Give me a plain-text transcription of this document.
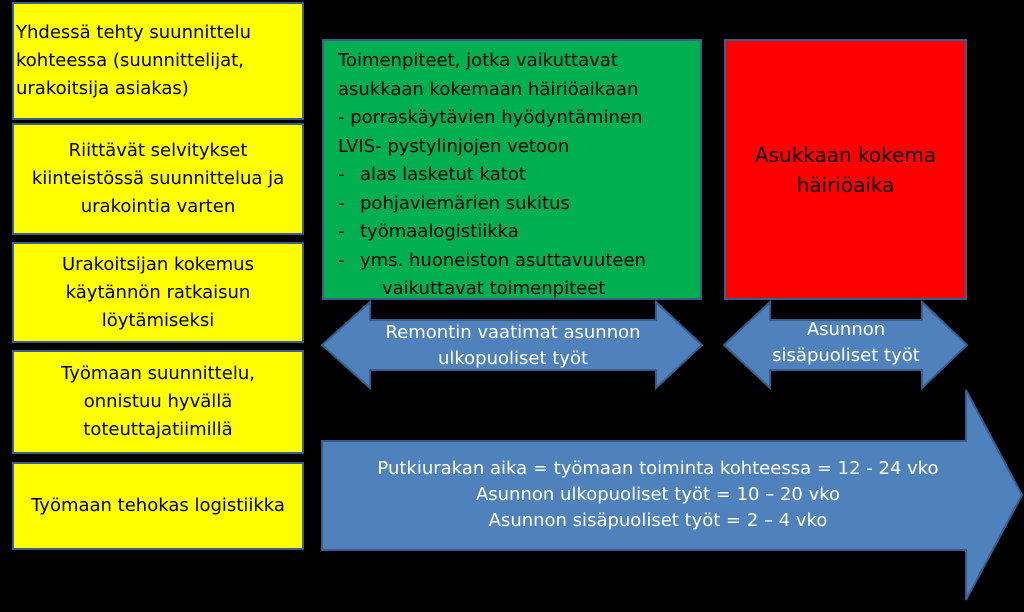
Yhdessä tehty suunnittelu
kohteessa (suunnittelijat,
urakoitsija asiakas)
Riittävät selvitykset
kiinteistössä suunnittelua ja
urakointia varten
Urakoitsijan kokemus
käytännön ratkaisun
löytämiseksi
Työmaan suunnittelu,
onnistuu hyvällä
toteuttajatiimillä
Työmaan tehokas logistiikka
Toimenpiteet, jotka vaikuttavat
asukkaan kokemaan häiriöaikaan
- porraskäytävien hyödyntäminen
LVIS- pystylinjojen vetoon
- alas lasketut katot
- pohjaviemärien sukitus
- työmaalogistiikka
- yms. huoneiston asuttavuuteen
vaikuttavat toimenpiteet
Asukkaan kokema
häiriöaika
Remontin vaatimat asunnon
ulkopuoliset työt
Asunnon
sisäpuoliset työt
Putkiurakan aika = työmaan toiminta kohteessa = 12 - 24 vko
Asunnon ulkopuoliset työt = 10 – 20 vko
Asunnon sisäpuoliset työt = 2 – 4 vko
